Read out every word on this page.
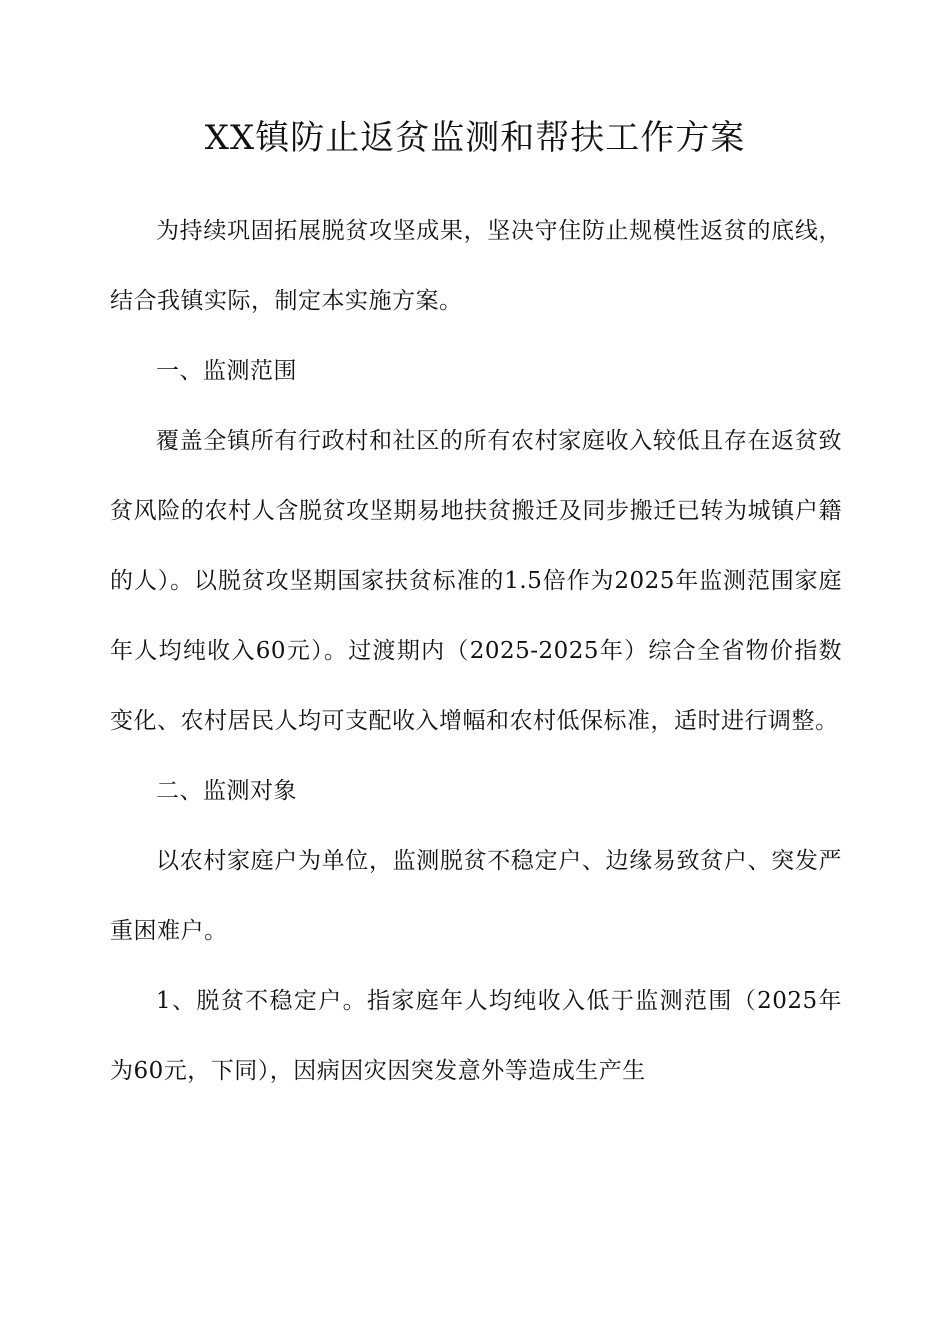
XX镇防止返贫监测和帮扶工作方案

为持续巩固拓展脱贫攻坚成果，坚决守住防止规模性返贫的底线，结合我镇实际，制定本实施方案。

一、监测范围

覆盖全镇所有行政村和社区的所有农村家庭收入较低且存在返贫致贫风险的农村人含脱贫攻坚期易地扶贫搬迁及同步搬迁已转为城镇户籍的人）。以脱贫攻坚期国家扶贫标准的1.5倍作为2025年监测范围家庭年人均纯收入60元）。过渡期内（2025-2025年）综合全省物价指数变化、农村居民人均可支配收入增幅和农村低保标准，适时进行调整。

二、监测对象

以农村家庭户为单位，监测脱贫不稳定户、边缘易致贫户、突发严重困难户。

1、脱贫不稳定户。指家庭年人均纯收入低于监测范围（2025年为60元，下同），因病因灾因突发意外等造成生产生
